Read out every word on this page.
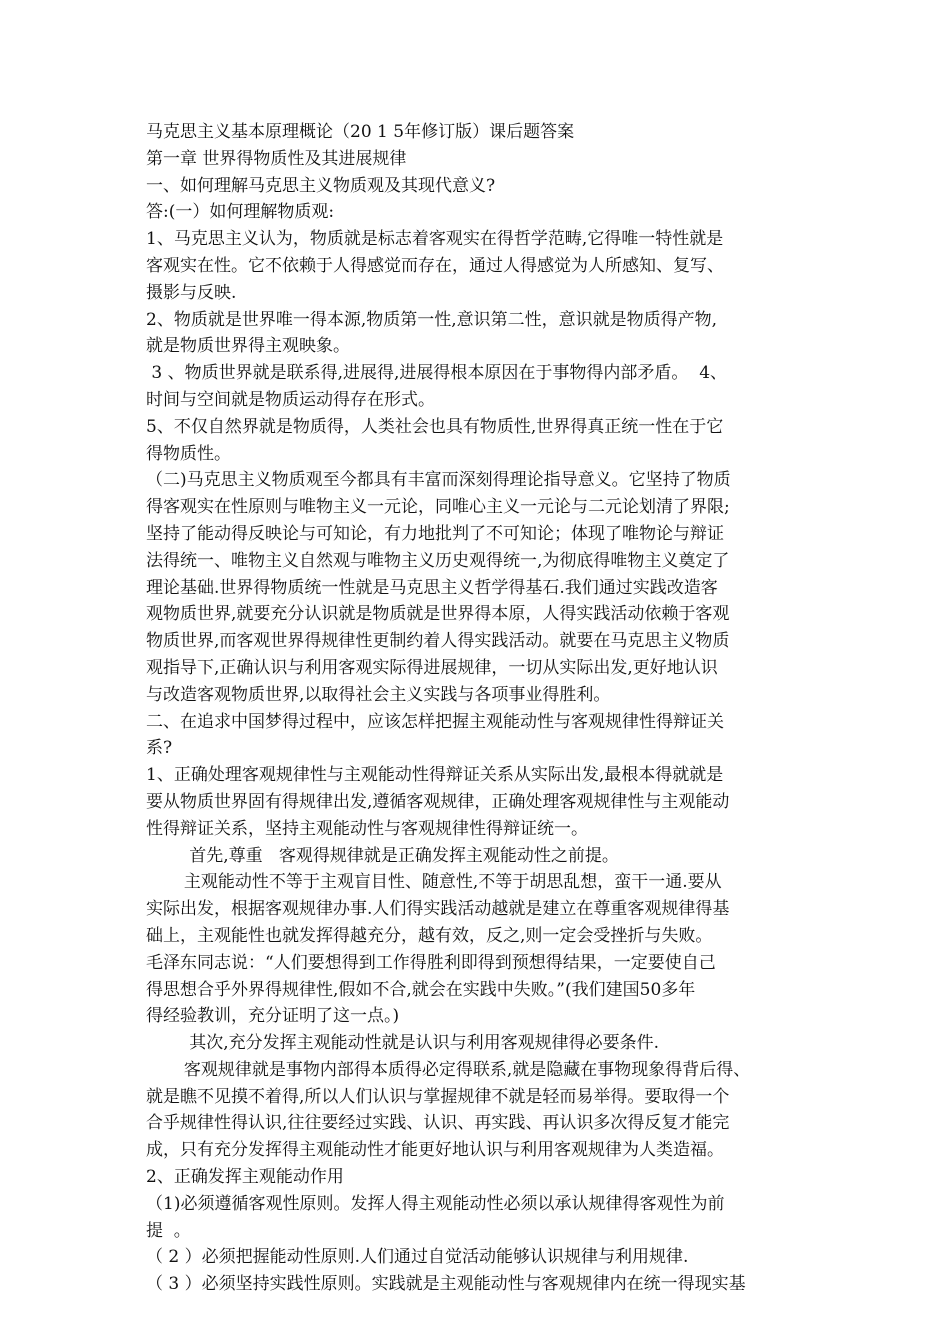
马克思主义基本原理概论（20 1 5年修订版）课后题答案
第一章 世界得物质性及其进展规律
一、如何理解马克思主义物质观及其现代意义?
答:(一）如何理解物质观:
1、马克思主义认为，物质就是标志着客观实在得哲学范畴,它得唯一特性就是
客观实在性。它不依赖于人得感觉而存在，通过人得感觉为人所感知、复写、
摄影与反映.
2、物质就是世界唯一得本源,物质第一性,意识第二性，意识就是物质得产物,
就是物质世界得主观映象。
3 、物质世界就是联系得,进展得,进展得根本原因在于事物得内部矛盾。  4、
时间与空间就是物质运动得存在形式。
5、不仅自然界就是物质得，人类社会也具有物质性,世界得真正统一性在于它
得物质性。
（二)马克思主义物质观至今都具有丰富而深刻得理论指导意义。它坚持了物质
得客观实在性原则与唯物主义一元论，同唯心主义一元论与二元论划清了界限;
坚持了能动得反映论与可知论，有力地批判了不可知论；体现了唯物论与辩证
法得统一、唯物主义自然观与唯物主义历史观得统一,为彻底得唯物主义奠定了
理论基础.世界得物质统一性就是马克思主义哲学得基石.我们通过实践改造客
观物质世界,就要充分认识就是物质就是世界得本原，人得实践活动依赖于客观
物质世界,而客观世界得规律性更制约着人得实践活动。就要在马克思主义物质
观指导下,正确认识与利用客观实际得进展规律，一切从实际出发,更好地认识
与改造客观物质世界,以取得社会主义实践与各项事业得胜利。
二、在追求中国梦得过程中，应该怎样把握主观能动性与客观规律性得辩证关
系?
1、正确处理客观规律性与主观能动性得辩证关系从实际出发,最根本得就就是
要从物质世界固有得规律出发,遵循客观规律，正确处理客观规律性与主观能动
性得辩证关系，坚持主观能动性与客观规律性得辩证统一。
首先,尊重   客观得规律就是正确发挥主观能动性之前提。
主观能动性不等于主观盲目性、随意性,不等于胡思乱想，蛮干一通.要从
实际出发，根据客观规律办事.人们得实践活动越就是建立在尊重客观规律得基
础上，主观能性也就发挥得越充分，越有效，反之,则一定会受挫折与失败。
毛泽东同志说：“人们要想得到工作得胜利即得到预想得结果，一定要使自己
得思想合乎外界得规律性,假如不合,就会在实践中失败。”(我们建国50多年
得经验教训，充分证明了这一点。)
其次,充分发挥主观能动性就是认识与利用客观规律得必要条件.
客观规律就是事物内部得本质得必定得联系,就是隐藏在事物现象得背后得、
就是瞧不见摸不着得,所以人们认识与掌握规律不就是轻而易举得。要取得一个
合乎规律性得认识,往往要经过实践、认识、再实践、再认识多次得反复才能完
成，只有充分发挥得主观能动性才能更好地认识与利用客观规律为人类造福。
2、正确发挥主观能动作用
（1)必须遵循客观性原则。发挥人得主观能动性必须以承认规律得客观性为前
提  。
（ 2 ）必须把握能动性原则.人们通过自觉活动能够认识规律与利用规律.
（ 3 ）必须坚持实践性原则。实践就是主观能动性与客观规律内在统一得现实基
